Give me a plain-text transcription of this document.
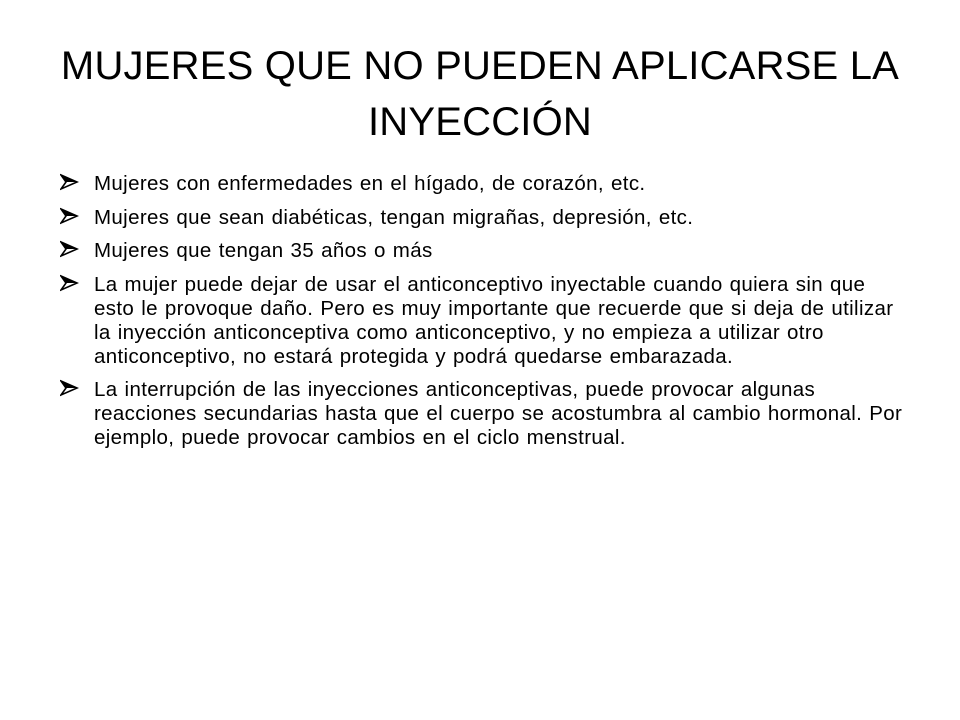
MUJERES QUE NO PUEDEN APLICARSE LA INYECCIÓN
Mujeres con enfermedades en el hígado, de corazón, etc.
Mujeres que sean diabéticas, tengan migrañas, depresión, etc.
Mujeres que tengan 35 años o más
La mujer puede dejar de usar el anticonceptivo inyectable cuando quiera sin que esto le provoque daño. Pero es muy importante que recuerde que si deja de utilizar la inyección anticonceptiva como anticonceptivo, y no empieza a utilizar otro anticonceptivo, no estará protegida y podrá quedarse embarazada.
La interrupción de las inyecciones anticonceptivas, puede provocar algunas reacciones secundarias hasta que el cuerpo se acostumbra al cambio hormonal. Por ejemplo, puede provocar cambios en el ciclo menstrual.
